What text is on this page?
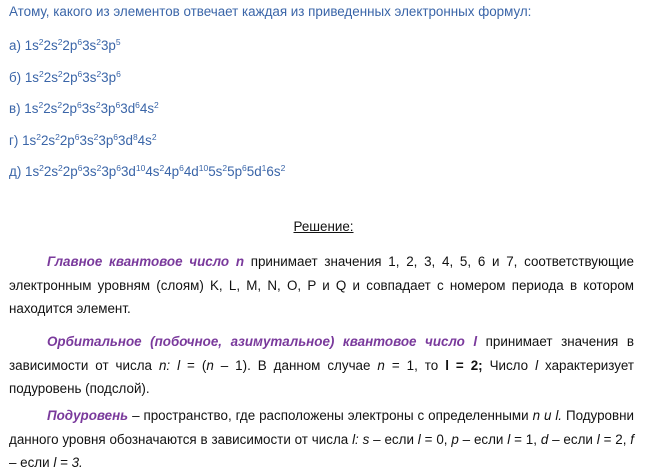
Атому, какого из элементов отвечает каждая из приведенных электронных формул:
а) $1s^22s^22p^63s^23p^5$
б) $1s^22s^22p^63s^23p^6$
в) $1s^22s^22p^63s^23p^63d^64s^2$
г) $1s^22s^22p^63s^23p^63d^84s^2$
д) $1s^22s^22p^63s^23p^63d^{10}4s^24p^64d^{10}5s^25p^65d^16s^2$
Решение:
Главное квантовое число n принимает значения 1, 2, 3, 4, 5, 6 и 7, соответствующие электронным уровням (слоям) K, L, M, N, O, P и Q и совпадает с номером периода в котором находится элемент.
Орбитальное (побочное, азимутальное) квантовое число l принимает значения в зависимости от числа n: l = (n – 1). В данном случае n = 1, то l = 2; Число l характеризует подуровень (подслой).
Подуровень – пространство, где расположены электроны с определенными n и l. Подуровни данного уровня обозначаются в зависимости от числа l: s – если l = 0, p – если l = 1, d – если l = 2, f – если l = 3.
